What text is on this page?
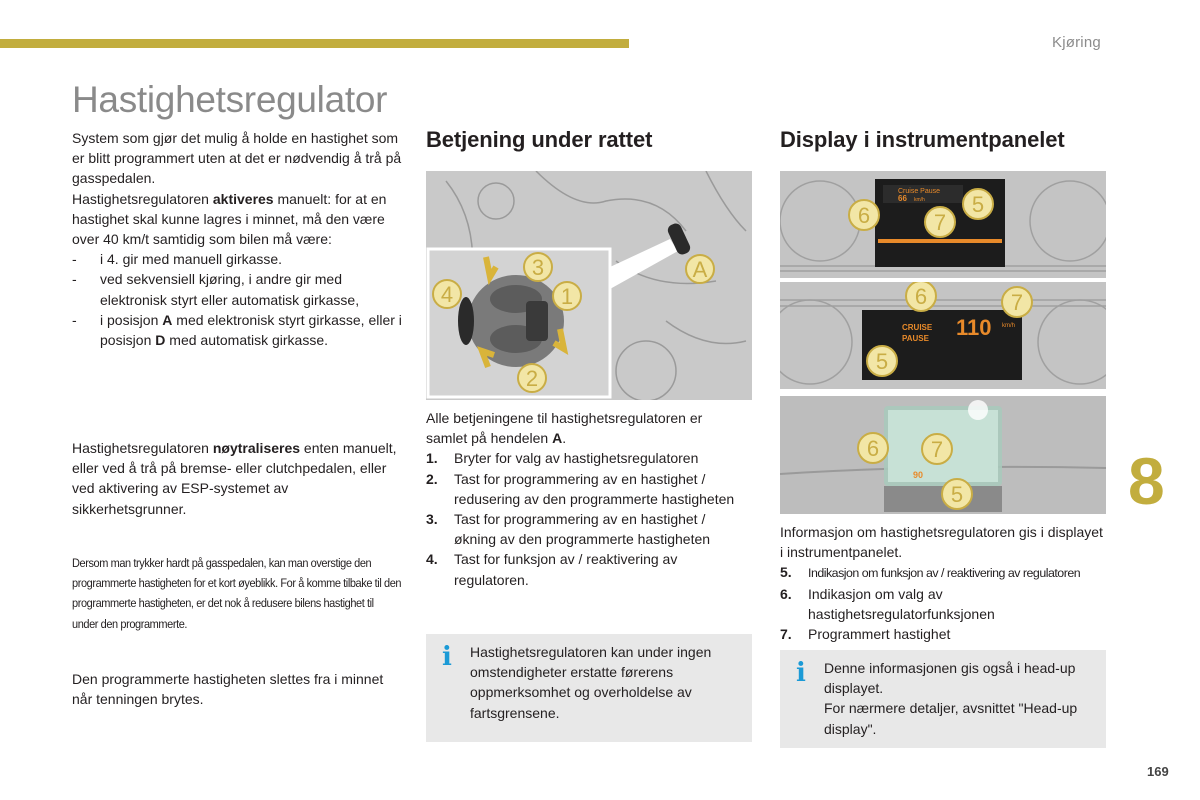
Kjøring
Hastighetsregulator

System som gjør det mulig å holde en hastighet som er blitt programmert uten at det er nødvendig å trå på gasspedalen.

Hastighetsregulatoren aktiveres manuelt: for at en hastighet skal kunne lagres i minnet, må den være over 40 km/t samtidig som bilen må være:

- i 4. gir med manuell girkasse.
- ved sekvensiell kjøring, i andre gir med elektronisk styrt eller automatisk girkasse,
- i posisjon A med elektronisk styrt girkasse, eller i posisjon D med automatisk girkasse.

Hastighetsregulatoren nøytraliseres enten manuelt, eller ved å trå på bremse- eller clutchpedalen, eller ved aktivering av ESP-systemet av sikkerhetsgrunner.

Dersom man trykker hardt på gasspedalen, kan man overstige den programmerte hastigheten for et kort øyeblikk. For å komme tilbake til den programmerte hastigheten, er det nok å redusere bilens hastighet til under den programmerte.
Den programmerte hastigheten slettes fra i minnet når tenningen brytes.
Betjening under rattet
A
3
4	1
2

Alle betjeningene til hastighetsregulatoren er samlet på hendelen A.

1. Bryter for valg av hastighetsregulatoren
2. Tast for programmering av en hastighet / redusering av den programmerte hastigheten
3. Tast for programmering av en hastighet / økning av den programmerte hastigheten
4. Tast for funksjon av / reaktivering av regulatoren.
i Hastighetsregulatoren kan under ingen omstendigheter erstatte førerens oppmerksomhet og overholdelse av fartsgrensene.
Display i instrumentpanelet
Cruise Pause
66 km/h
6	7
5
CRUISE
PAUSE 110 km/h
6	7
5
90
6 7
5

Informasjon om hastighetsregulatoren gis i displayet i instrumentpanelet.

5. Indikasjon om funksjon av / reaktivering av regulatoren
6. Indikasjon om valg av hastighetsregulatorfunksjonen
7. Programmert hastighet
i Denne informasjonen gis også i head-up displayet.

For nærmere detaljer, avsnittet "Head-up display".

8
169
